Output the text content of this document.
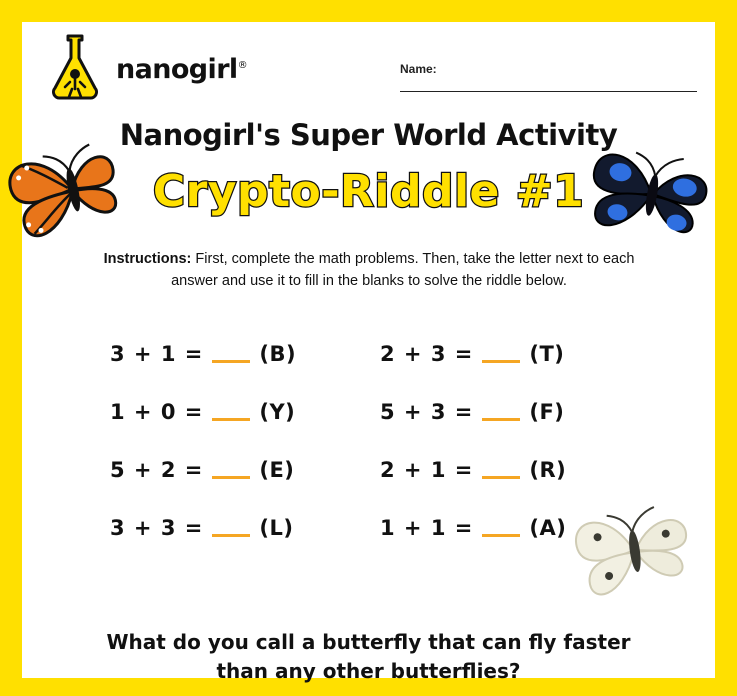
nanogirl®	Name:
Nanogirl's Super World Activity
Crypto-Riddle #1
Instructions: First, complete the math problems. Then, take the letter next to each answer and use it to fill in the blanks to solve the riddle below.
3 + 1 =	(B)	2 + 3 =	(T)
1 + 0 =	(Y)	5 + 3 =	(F)
5 + 2 =	(E)	2 + 1 =	(R)
3 + 3 =	(L)	1 + 1 =	(A)
What do you call a butterfly that can fly faster
than any other butterflies?
